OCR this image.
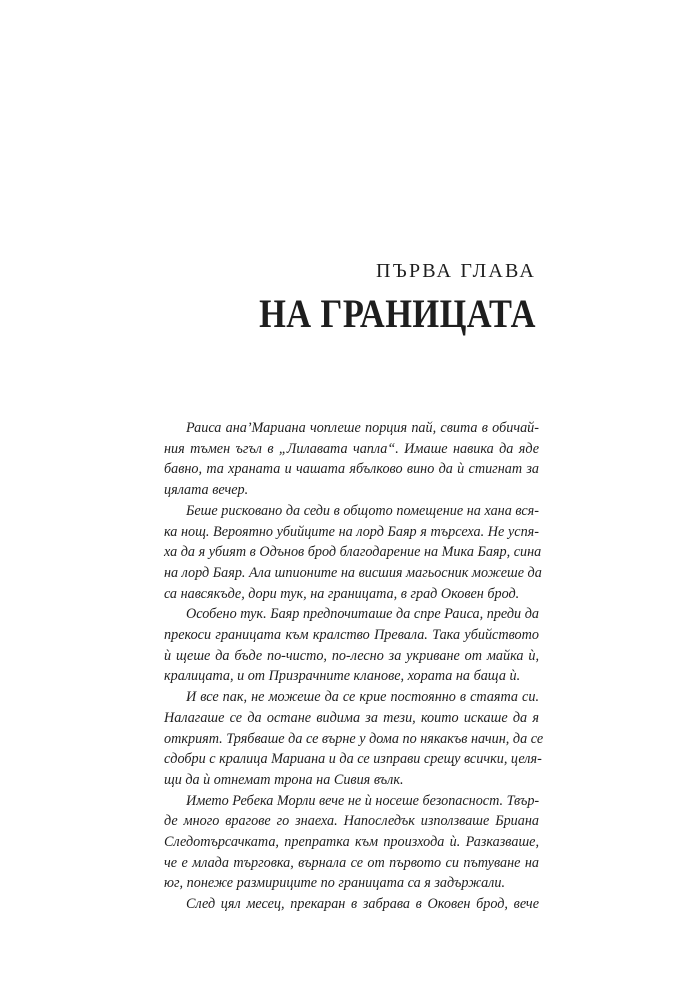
ПЪРВА ГЛАВА
НА ГРАНИЦАТА
Раиса ана’Мариана чоплеше порция пай, свита в обичай-
ния тъмен ъгъл в „Лилавата чапла“. Имаше навика да яде
бавно, та храната и чашата ябълково вино да ѝ стигнат за
цялата вечер.
Беше рисковано да седи в общото помещение на хана вся-
ка нощ. Вероятно убийците на лорд Баяр я търсеха. Не успя-
ха да я убият в Одънов брод благодарение на Мика Баяр, сина
на лорд Баяр. Ала шпионите на висшия магьосник можеше да
са навсякъде, дори тук, на границата, в град Оковен брод.
Особено тук. Баяр предпочиташе да спре Раиса, преди да
прекоси границата към кралство Превала. Така убийството
ѝ щеше да бъде по-чисто, по-лесно за укриване от майка ѝ,
кралицата, и от Призрачните кланове, хората на баща ѝ.
И все пак, не можеше да се крие постоянно в стаята си.
Налагаше се да остане видима за тези, които искаше да я
открият. Трябваше да се върне у дома по някакъв начин, да се
сдобри с кралица Мариана и да се изправи срещу всички, целя-
щи да ѝ отнемат трона на Сивия вълк.
Името Ребека Морли вече не ѝ носеше безопасност. Твър-
де много врагове го знаеха. Напоследък използваше Бриана
Следотърсачката, препратка към произхода ѝ. Разказваше,
че е млада търговка, върнала се от първото си пътуване на
юг, понеже размириците по границата са я задържали.
След цял месец, прекаран в забрава в Оковен брод, вече
